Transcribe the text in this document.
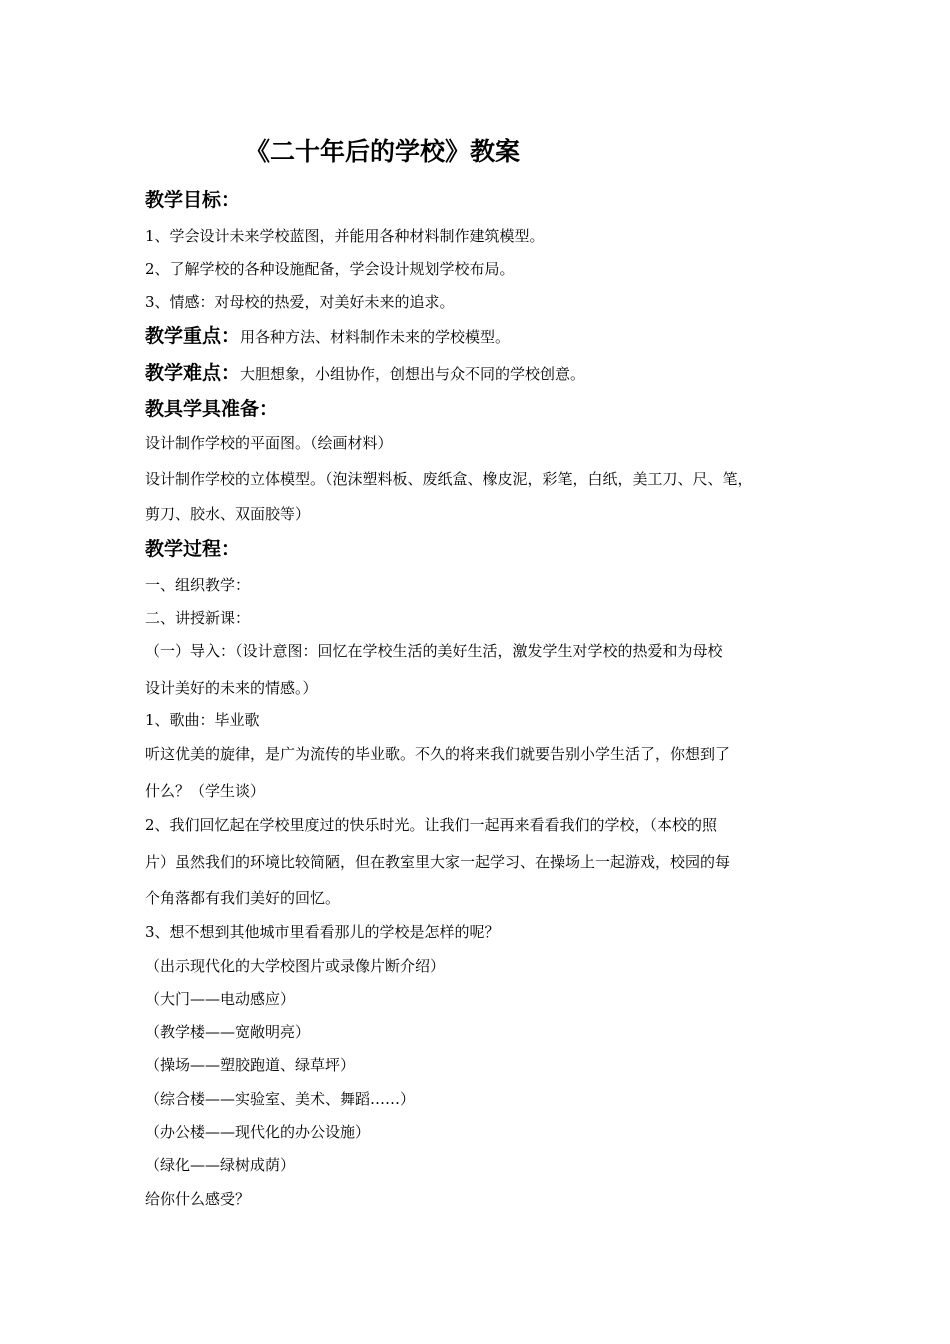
《二十年后的学校》教案
教学目标：
1、学会设计未来学校蓝图，并能用各种材料制作建筑模型。
2、了解学校的各种设施配备，学会设计规划学校布局。
3、情感：对母校的热爱，对美好未来的追求。
教学重点：用各种方法、材料制作未来的学校模型。
教学难点：大胆想象，小组协作，创想出与众不同的学校创意。
教具学具准备：
设计制作学校的平面图。（绘画材料）
设计制作学校的立体模型。（泡沫塑料板、废纸盒、橡皮泥，彩笔，白纸，美工刀、尺、笔，
剪刀、胶水、双面胶等）
教学过程：
一、组织教学：
二、讲授新课：
（一）导入：（设计意图：回忆在学校生活的美好生活，激发学生对学校的热爱和为母校
设计美好的未来的情感。）
1、歌曲：毕业歌
听这优美的旋律，是广为流传的毕业歌。不久的将来我们就要告别小学生活了，你想到了
什么？（学生谈）
2、我们回忆起在学校里度过的快乐时光。让我们一起再来看看我们的学校，（本校的照
片）虽然我们的环境比较简陋，但在教室里大家一起学习、在操场上一起游戏，校园的每
个角落都有我们美好的回忆。
3、想不想到其他城市里看看那儿的学校是怎样的呢？
（出示现代化的大学校图片或录像片断介绍）
（大门——电动感应）
（教学楼——宽敞明亮）
（操场——塑胶跑道、绿草坪）
（综合楼——实验室、美术、舞蹈……）
（办公楼——现代化的办公设施）
（绿化——绿树成荫）
给你什么感受？
